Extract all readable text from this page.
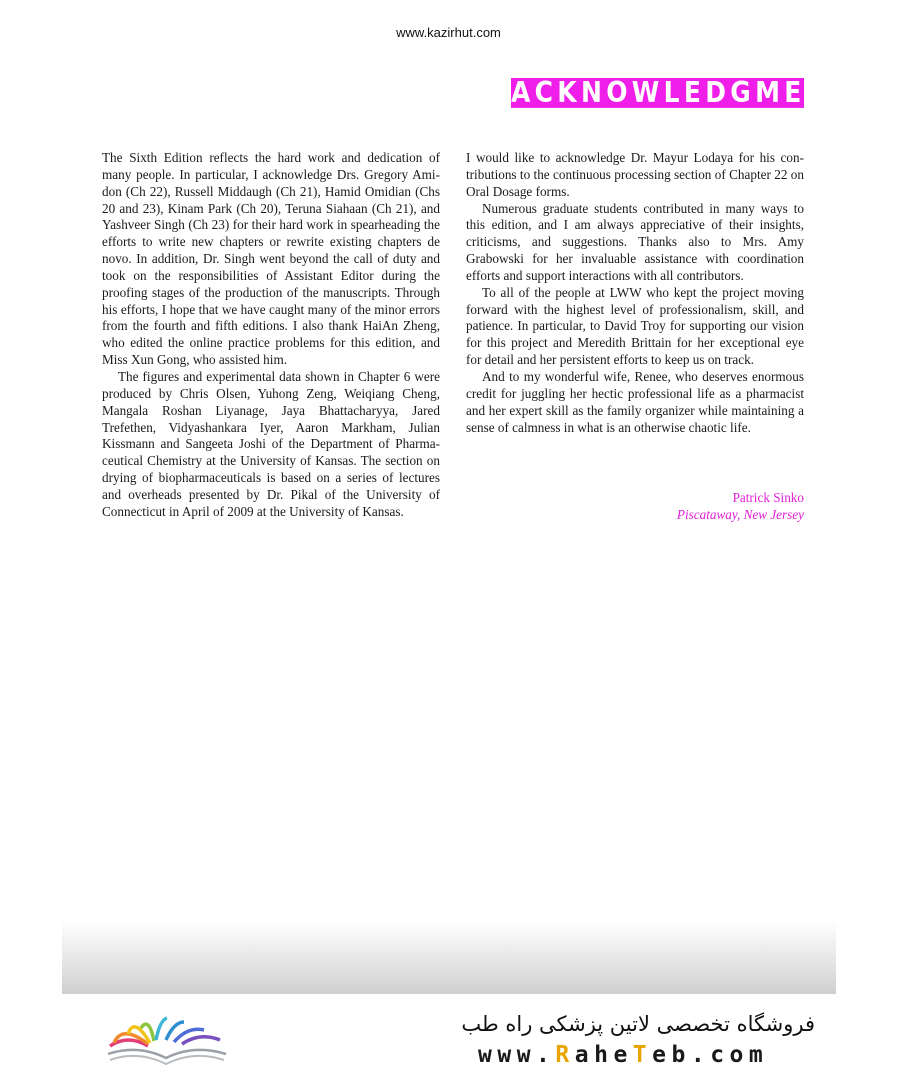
www.kazirhut.com
ACKNOWLEDGMENTS

The Sixth Edition reflects the hard work and dedication of many people. In particular, I acknowledge Drs. Gregory Amidon (Ch 22), Russell Middaugh (Ch 21), Hamid Omidian (Chs 20 and 23), Kinam Park (Ch 20), Teruna Siahaan (Ch 21), and Yashveer Singh (Ch 23) for their hard work in spearheading the efforts to write new chapters or rewrite existing chapters de novo. In addition, Dr. Singh went beyond the call of duty and took on the responsibilities of Assistant Editor during the proofing stages of the production of the manuscripts. Through his efforts, I hope that we have caught many of the minor errors from the fourth and fifth editions. I also thank HaiAn Zheng, who edited the online practice problems for this edition, and Miss Xun Gong, who assisted him.

The figures and experimental data shown in Chapter 6 were produced by Chris Olsen, Yuhong Zeng, Weiqiang Cheng, Mangala Roshan Liyanage, Jaya Bhattacharyya, Jared Trefethen, Vidyashankara Iyer, Aaron Markham, Julian Kissmann and Sangeeta Joshi of the Department of Pharmaceutical Chemistry at the University of Kansas. The section on drying of biopharmaceuticals is based on a series of lectures and overheads presented by Dr. Pikal of the University of Connecticut in April of 2009 at the University of Kansas.

I would like to acknowledge Dr. Mayur Lodaya for his contributions to the continuous processing section of Chapter 22 on Oral Dosage forms.

Numerous graduate students contributed in many ways to this edition, and I am always appreciative of their insights, criticisms, and suggestions. Thanks also to Mrs. Amy Grabowski for her invaluable assistance with coordination efforts and support interactions with all contributors.

To all of the people at LWW who kept the project moving forward with the highest level of professionalism, skill, and patience. In particular, to David Troy for supporting our vision for this project and Meredith Brittain for her exceptional eye for detail and her persistent efforts to keep us on track.

And to my wonderful wife, Renee, who deserves enormous credit for juggling her hectic professional life as a pharmacist and her expert skill as the family organizer while maintaining a sense of calmness in what is an otherwise chaotic life.

Patrick Sinko
Piscataway, New Jersey
فروشگاه تخصصی لاتین پزشکی راه طب
www.RaheTeb.com
